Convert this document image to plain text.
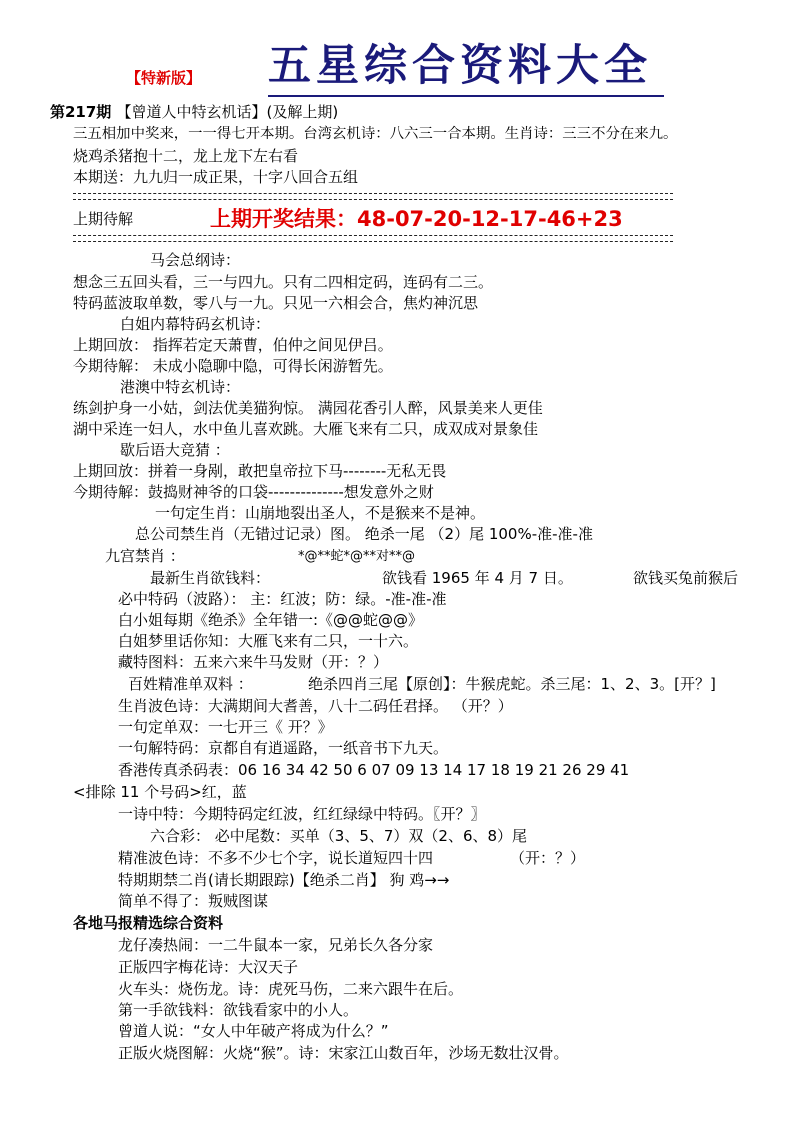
【特新版】 五星综合资料大全
第217期 【曾道人中特玄机话】(及解上期)
三五相加中奖来，一一得七开本期。台湾玄机诗：八六三一合本期。生肖诗：三三不分在来九。
烧鸡杀猪抱十二，龙上龙下左右看
本期送：九九归一成正果，十字八回合五组
上期待解	上期开奖结果：48-07-20-12-17-46+23
马会总纲诗：
想念三五回头看，三一与四九。只有二四相定码，连码有二三。
特码蓝波取单数，零八与一九。只见一六相会合，焦灼神沉思
白姐内幕特码玄机诗：
上期回放： 指挥若定天萧曹，伯仲之间见伊吕。
今期待解： 未成小隐聊中隐，可得长闲游暂先。
港澳中特玄机诗：
练剑护身一小姑，剑法优美猫狗惊。 满园花香引人醉，风景美来人更佳
湖中采连一妇人，水中鱼儿喜欢跳。大雁飞来有二只，成双成对景象佳
歇后语大竞猜 ：
上期回放：拼着一身剐，敢把皇帝拉下马--------无私无畏
今期待解：鼓捣财神爷的口袋--------------想发意外之财
一句定生肖：山崩地裂出圣人，不是猴来不是神。
总公司禁生肖（无错过记录）图。 绝杀一尾 （2）尾 100%-准-准-准
九宫禁肖 ：	*@**蛇*@**对**@
最新生肖欲钱料：	欲钱看 1965 年 4 月 7 日。	欲钱买兔前猴后
必中特码（波路）： 主：红波；防：绿。-准-准-准
白小姐每期《绝杀》全年错一:《@@蛇@@》
白姐梦里话你知：大雁飞来有二只，一十六。
藏特图料：五来六来牛马发财（开：？）
百姓精准单双料 ：	绝杀四肖三尾【原创】：牛猴虎蛇。杀三尾：1、2、3。[开？]
生肖波色诗：大满期间大耆善，八十二码任君择。 （开？）
一句定单双：一七开三《 开？》
一句解特码：京都自有逍遥路，一纸音书下九天。
香港传真杀码表：06 16 34 42 50 6 07 09 13 14 17 18 19 21 26 29 41
<排除 11 个号码>红，蓝
一诗中特：今期特码定红波，红红绿绿中特码。〖开？〗
六合彩： 必中尾数：买单（3、5、7）双（2、6、8）尾
精准波色诗：不多不少七个字，说长道短四十四	（开：？）
特期期禁二肖(请长期跟踪)【绝杀二肖】 狗 鸡→→
简单不得了：叛贼图谋
各地马报精选综合资料
龙仔凑热闹：一二牛鼠本一家，兄弟长久各分家
正版四字梅花诗：大汉天子
火车头：烧伤龙。诗：虎死马伤，二来六跟牛在后。
第一手欲钱料：欲钱看家中的小人。
曾道人说：“女人中年破产将成为什么？”
正版火烧图解：火烧“猴”。诗：宋家江山数百年，沙场无数壮汉骨。
